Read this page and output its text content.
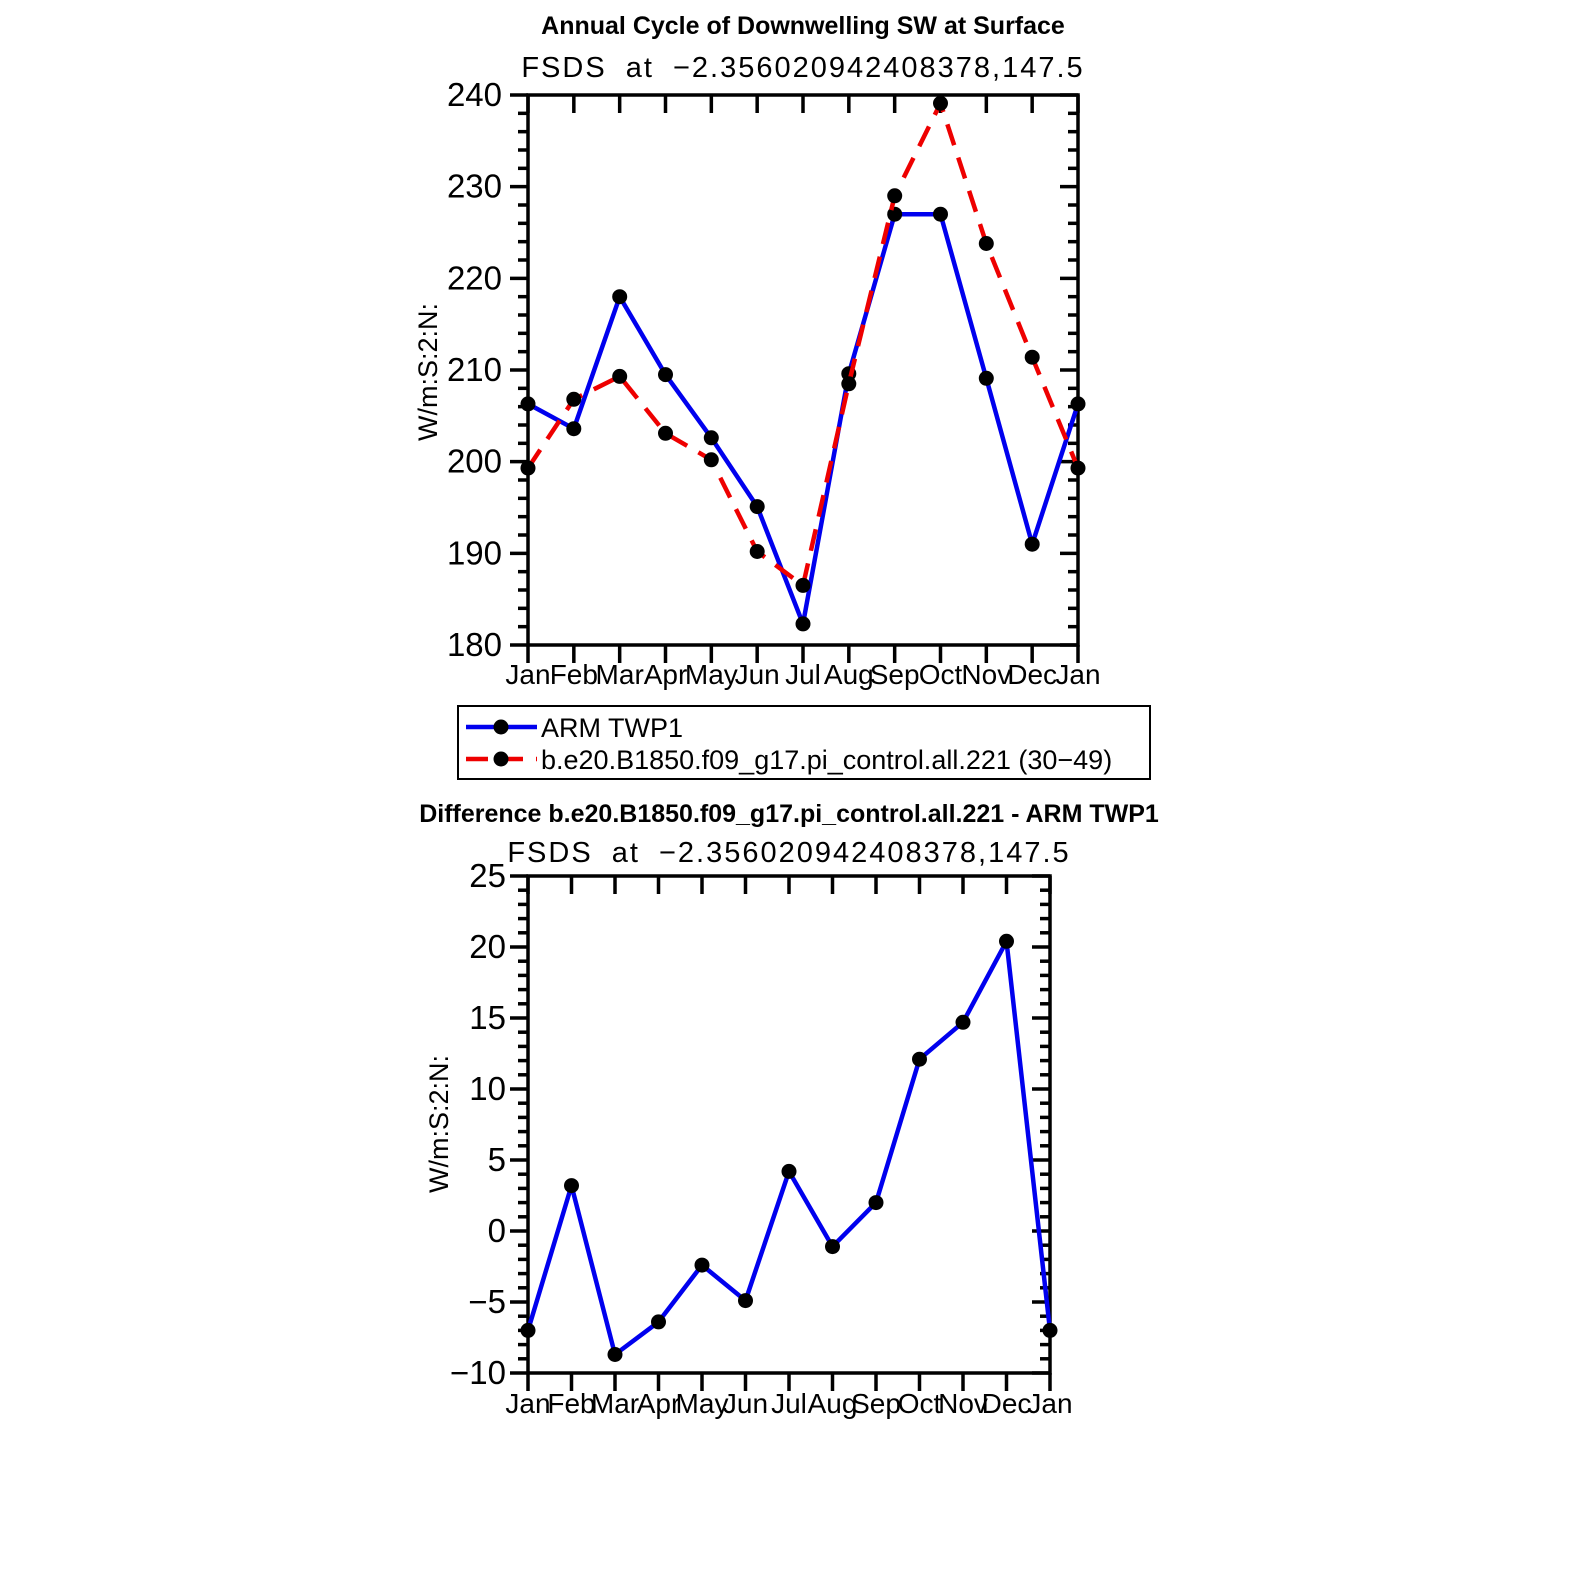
Annual Cycle of Downwelling SW at Surface
FSDS at −2.356020942408378,147.5
W/m:S:2:N:
180
190
200
210
220
230
240
Jan Feb
Mar Apr
May
Jun Jul Aug
Sep Oct Nov
Dec
Jan
ARM TWP1
b.e20.B1850.f09_g17.pi_control.all.221 (30−49)
Difference b.e20.B1850.f09_g17.pi_control.all.221 - ARM TWP1
FSDS at −2.356020942408378,147.5
W/m:S:2:N:
−10
−5
0
5
10
15
20
25
Jan
Feb
Mar
Apr
May
Jun Jul Aug
Sep
Oct
Nov
Dec
Jan
